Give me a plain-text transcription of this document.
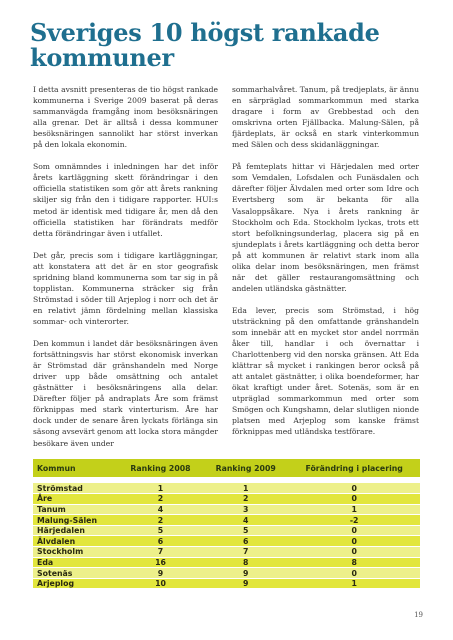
Sveriges 10 högst rankade kommuner

I detta avsnitt presenteras de tio högst rankade kommunerna i Sverige 2009 baserat på deras sammanvägda framgång inom besöksnäringen alla grenar. Det är alltså i dessa kommuner besöksnäringen sannolikt har störst inverkan på den lokala ekonomin.

Som omnämndes i inledningen har det inför årets kartläggning skett förändringar i den officiella statistiken som gör att årets rankning skiljer sig från den i tidigare rapporter. HUI:s metod är identisk med tidigare år, men då den officiella statistiken har förändrats medför detta förändringar även i utfallet.

Det går, precis som i tidigare kartläggningar, att konstatera att det är en stor geografisk spridning bland kommunerna som tar sig in på topplistan. Kommunerna sträcker sig från Strömstad i söder till Arjeplog i norr och det är en relativt jämn fördelning mellan klassiska sommar- och vinterorter.

Den kommun i landet där besöksnäringen även fortsättningsvis har störst ekonomisk inverkan är Strömstad där gränshandeln med Norge driver upp både omsättning och antalet gästnätter i besöksnäringens alla delar. Därefter följer på andraplats Åre som främst förknippas med stark vinterturism. Åre har dock under de senare åren lyckats förlänga sin säsong avsevärt genom att locka stora mängder besökare även under

sommarhalvåret. Tanum, på tredjeplats, är ännu en särpräglad sommarkommun med starka dragare i form av Grebbestad och den omskrivna orten Fjällbacka. Malung-Sälen, på fjärdeplats, är också en stark vinterkommun med Sälen och dess skidanläggningar.

På femteplats hittar vi Härjedalen med orter som Vemdalen, Lofsdalen och Funäsdalen och därefter följer Älvdalen med orter som Idre och Evertsberg som är bekanta för alla Vasaloppsåkare. Nya i årets rankning är Stockholm och Eda. Stockholm lyckas, trots ett stort befolkningsunderlag, placera sig på en sjundeplats i årets kartläggning och detta beror på att kommunen är relativt stark inom alla olika delar inom besöksnäringen, men främst när det gäller restaurangomsättning och andelen utländska gästnätter.

Eda lever, precis som Strömstad, i hög utsträckning på den omfattande gränshandeln som innebär att en mycket stor andel norrmän åker till, handlar i och övernattar i Charlottenberg vid den norska gränsen. Att Eda klättrar så mycket i rankingen beror också på att antalet gästnätter, i olika boendeformer, har ökat kraftigt under året. Sotenäs, som är en utpräglad sommarkommun med orter som Smögen och Kungshamn, delar slutligen nionde platsen med Arjeplog som kanske främst förknippas med utländska testförare.

Kommun	Ranking 2008	Ranking 2009	Förändring i placering

Strömstad	1	1	0
Åre	2	2	0
Tanum	4	3	1
Malung-Sälen	2	4	-2
Härjedalen	5	5	0
Älvdalen	6	6	0
Stockholm	7	7	0
Eda	16	8	8
Sotenäs	9	9	0
Arjeplog	10	9	1
19
